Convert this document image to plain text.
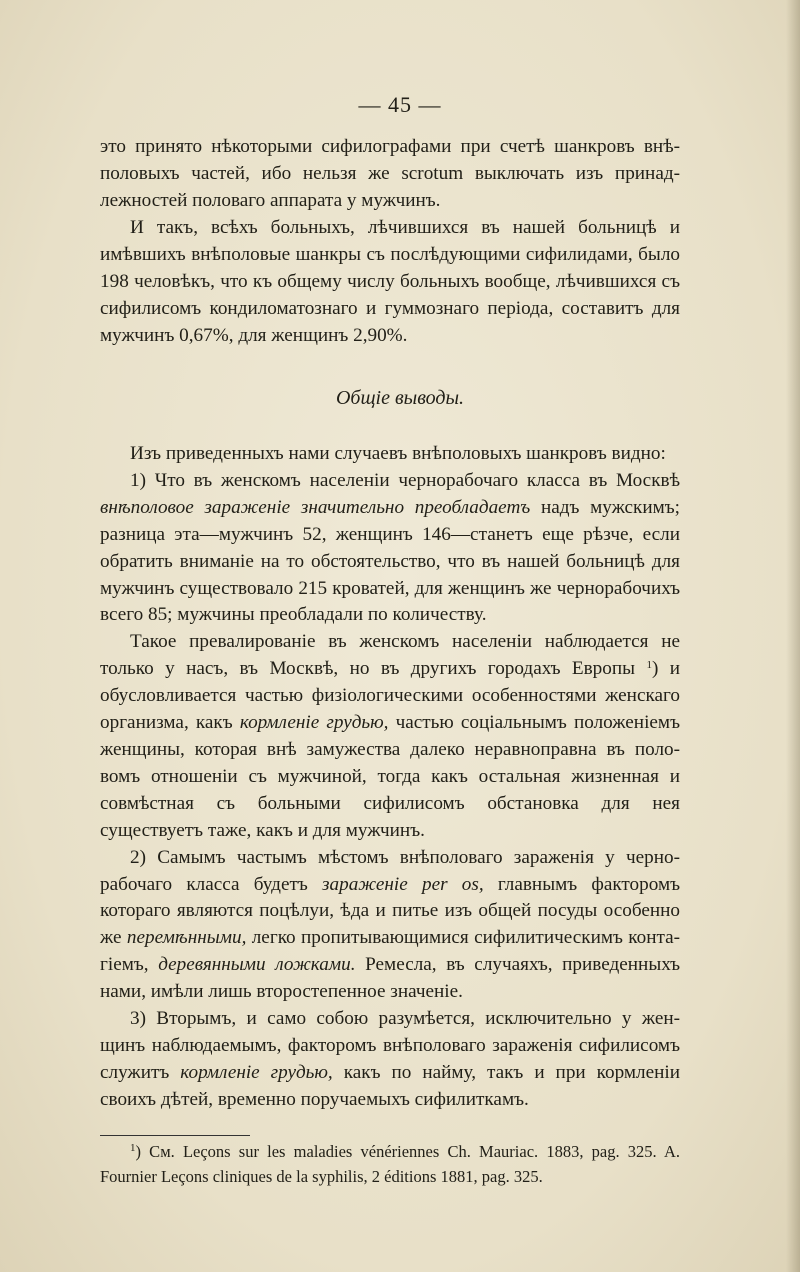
— 45 —

это принято нѣкоторыми сифилографами при счетѣ шанкровъ внѣ-половыхъ частей, ибо нельзя же scrotum выключать изъ принад-лежностей половаго аппарата у мужчинъ.

И такъ, всѣхъ больныхъ, лѣчившихся въ нашей больницѣ и имѣвшихъ внѣполовые шанкры съ послѣдующими сифилидами, было 198 человѣкъ, что къ общему числу больныхъ вообще, лѣчившихся съ сифилисомъ кондиломатознаго и гуммознаго періода, составитъ для мужчинъ 0,67%, для женщинъ 2,90%.

Общіе выводы.

Изъ приведенныхъ нами случаевъ внѣполовыхъ шанкровъ видно:

1) Что въ женскомъ населеніи чернорабочаго класса въ Москвѣ внѣполовое зараженіе значительно преобладаетъ надъ мужскимъ; разница эта—мужчинъ 52, женщинъ 146—станетъ еще рѣзче, если обратить вниманіе на то обстоятельство, что въ нашей больницѣ для мужчинъ существовало 215 кроватей, для женщинъ же чернорабочихъ всего 85; мужчины преобладали по количеству.

Такое превалированіе въ женскомъ населеніи наблюдается не только у насъ, въ Москвѣ, но въ другихъ городахъ Европы $^1$) и обусловливается частью физіологическими особенностями женскаго организма, какъ кормленіе грудью, частью соціальнымъ положеніемъ женщины, которая внѣ замужества далеко неравноправна въ поло-вомъ отношеніи съ мужчиной, тогда какъ остальная жизненная и совмѣстная съ больными сифилисомъ обстановка для нея существуетъ таже, какъ и для мужчинъ.

2) Самымъ частымъ мѣстомъ внѣполоваго зараженія у черно-рабочаго класса будетъ зараженіе per os, главнымъ факторомъ котораго являются поцѣлуи, ѣда и питье изъ общей посуды особенно же перемѣнными, легко пропитывающимися сифилитическимъ конта-гіемъ, деревянными ложками. Ремесла, въ случаяхъ, приведенныхъ нами, имѣли лишь второстепенное значеніе.

3) Вторымъ, и само собою разумѣется, исключительно у жен-щинъ наблюдаемымъ, факторомъ внѣполоваго зараженія сифилисомъ служитъ кормленіе грудью, какъ по найму, такъ и при кормленіи своихъ дѣтей, временно поручаемыхъ сифилиткамъ.

$^1$) См. Leçons sur les maladies vénériennes Ch. Mauriac. 1883, pag. 325. A. Fournier Leçons cliniques de la syphilis, 2 éditions 1881, pag. 325.
